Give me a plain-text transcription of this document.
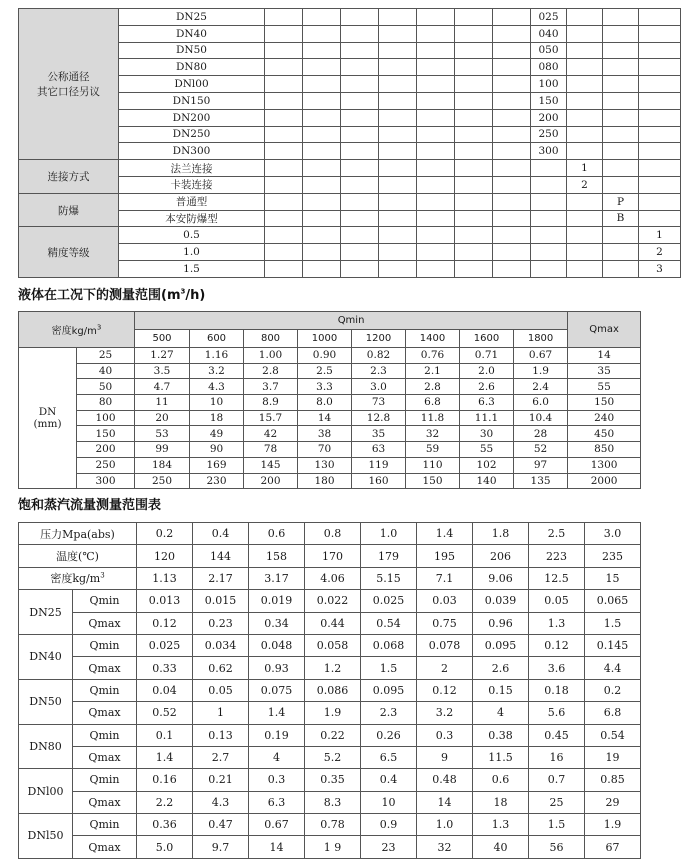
公称通径
其它口径另议	DN25								025			
	DN40								040			
	DN50								050			
	DN80								080			
	DNl00								100			
	DN150								150			
	DN200								200			
	DN250								250			
	DN300								300			
连接方式	法兰连接									1		
	卡装连接									2		
防爆	普通型										P	
	本安防爆型										B	
精度等级	0.5											1
	1.0											2
	1.5											3
液体在工况下的测量范围$(m^3/h)$
密度$kg/m^3$		Qmin								Qmax
		500	600	800	1000	1200	1400	1600	1800	

DN
(mm)	25	1.27	1.16	1.00	0.90	0.82	0.76	0.71	0.67	14
	40	3.5	3.2	2.8	2.5	2.3	2.1	2.0	1.9	35
	50	4.7	4.3	3.7	3.3	3.0	2.8	2.6	2.4	55
	80	11	10	8.9	8.0	73	6.8	6.3	6.0	150
	100	20	18	15.7	14	12.8	11.8	11.1	10.4	240
	150	53	49	42	38	35	32	30	28	450
	200	99	90	78	70	63	59	55	52	850
	250	184	169	145	130	119	110	102	97	1300
	300	250	230	200	180	160	150	140	135	2000
饱和蒸汽流量测量范围表
压力Mpa(abs)		0.2	0.4	0.6	0.8	1.0	1.4	1.8	2.5	3.0
温度(℃)		120	144	158	170	179	195	206	223	235
密度$kg/m^3$		1.13	2.17	3.17	4.06	5.15	7.1	9.06	12.5	15
DN25	Qmin	0.013	0.015	0.019	0.022	0.025	0.03	0.039	0.05	0.065
	Qmax	0.12	0.23	0.34	0.44	0.54	0.75	0.96	1.3	1.5
DN40	Qmin	0.025	0.034	0.048	0.058	0.068	0.078	0.095	0.12	0.145
	Qmax	0.33	0.62	0.93	1.2	1.5	2	2.6	3.6	4.4
DN50	Qmin	0.04	0.05	0.075	0.086	0.095	0.12	0.15	0.18	0.2
	Qmax	0.52	1	1.4	1.9	2.3	3.2	4	5.6	6.8
DN80	Qmin	0.1	0.13	0.19	0.22	0.26	0.3	0.38	0.45	0.54
	Qmax	1.4	2.7	4	5.2	6.5	9	11.5	16	19
DNl00	Qmin	0.16	0.21	0.3	0.35	0.4	0.48	0.6	0.7	0.85
	Qmax	2.2	4.3	6.3	8.3	10	14	18	25	29
DNl50	Qmin	0.36	0.47	0.67	0.78	0.9	1.0	1.3	1.5	1.9
	Qmax	5.0	9.7	14	1 9	23	32	40	56	67
